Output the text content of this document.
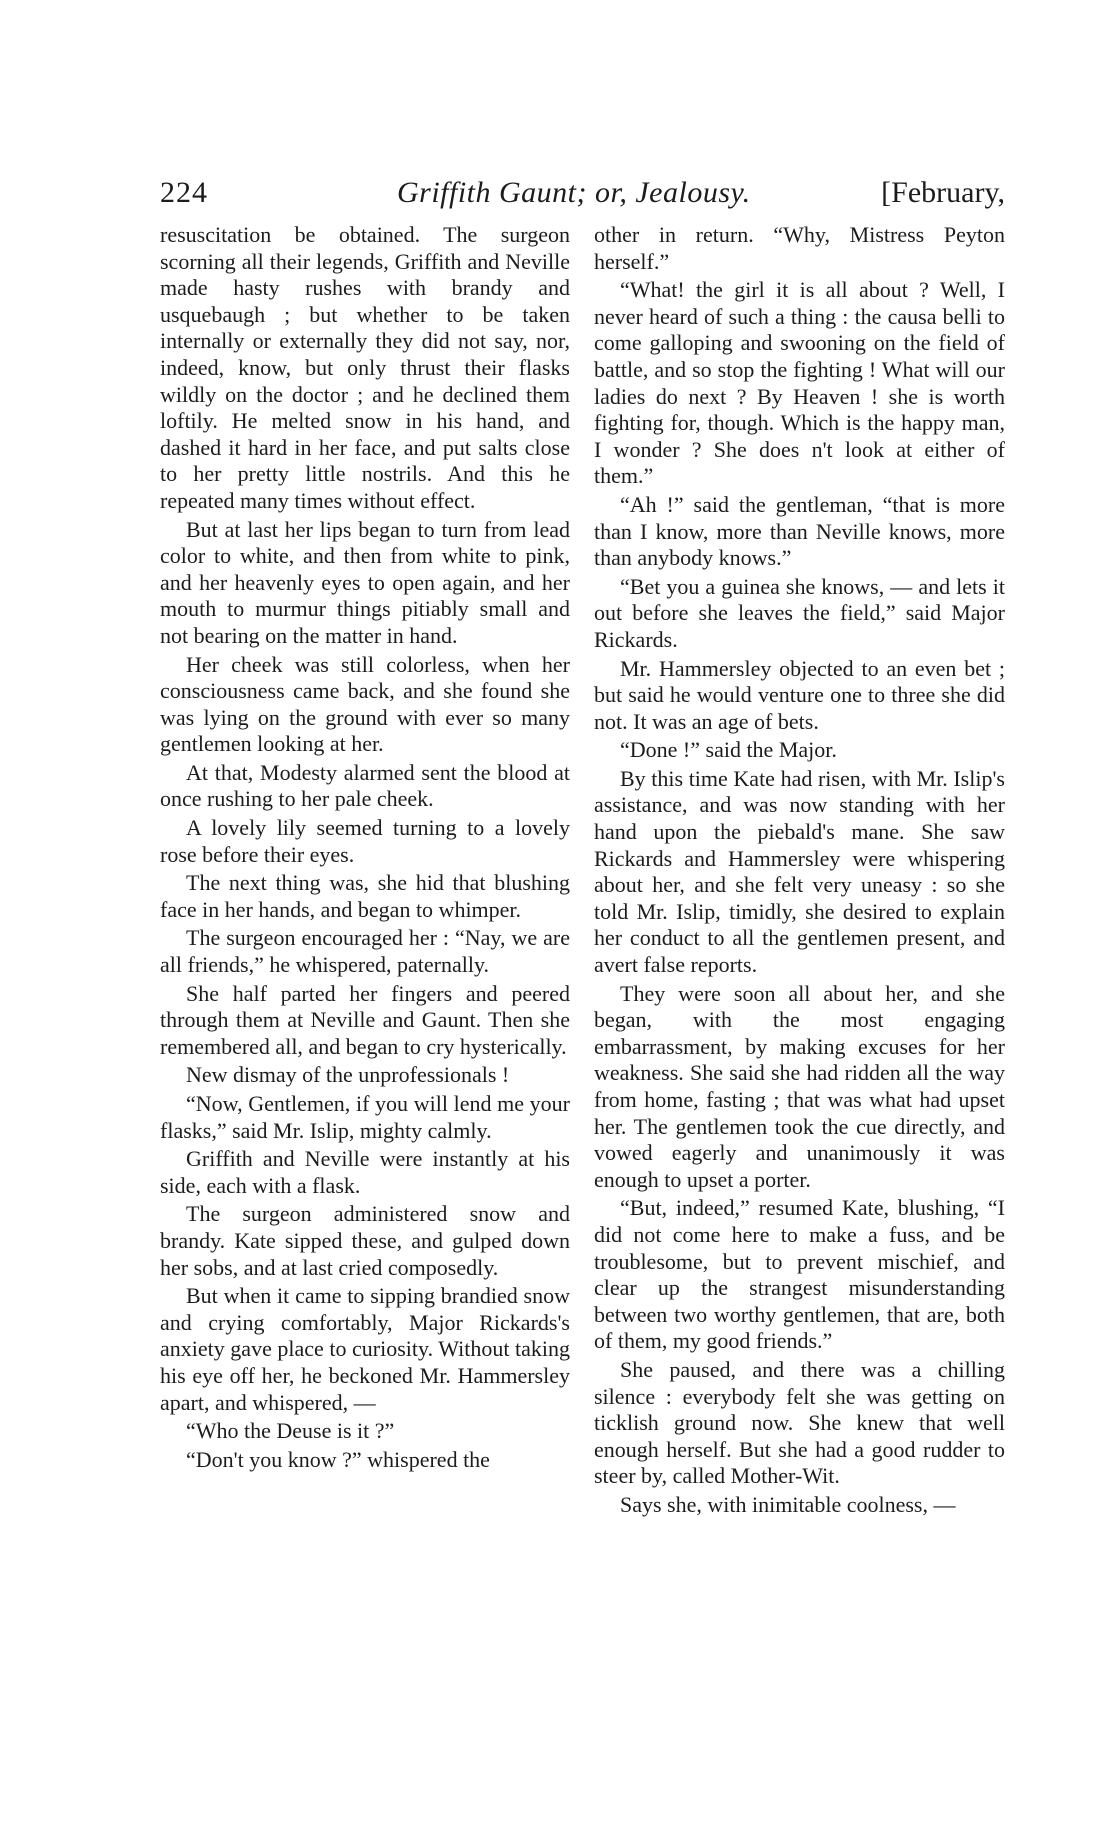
224	Griffith Gaunt; or, Jealousy.	[February,

resuscitation be obtained. The surgeon scorning all their legends, Griffith and Neville made hasty rushes with brandy and usquebaugh ; but whether to be taken internally or externally they did not say, nor, indeed, know, but only thrust their flasks wildly on the doctor ; and he declined them loftily. He melted snow in his hand, and dashed it hard in her face, and put salts close to her pretty little nostrils. And this he repeated many times without effect.

But at last her lips began to turn from lead color to white, and then from white to pink, and her heavenly eyes to open again, and her mouth to murmur things pitiably small and not bearing on the matter in hand.

Her cheek was still colorless, when her consciousness came back, and she found she was lying on the ground with ever so many gentlemen looking at her.

At that, Modesty alarmed sent the blood at once rushing to her pale cheek.

A lovely lily seemed turning to a lovely rose before their eyes.

The next thing was, she hid that blushing face in her hands, and began to whimper.

The surgeon encouraged her : “Nay, we are all friends,” he whispered, paternally.

She half parted her fingers and peered through them at Neville and Gaunt. Then she remembered all, and began to cry hysterically.

New dismay of the unprofessionals !

“Now, Gentlemen, if you will lend me your flasks,” said Mr. Islip, mighty calmly.

Griffith and Neville were instantly at his side, each with a flask.

The surgeon administered snow and brandy. Kate sipped these, and gulped down her sobs, and at last cried composedly.

But when it came to sipping brandied snow and crying comfortably, Major Rickards's anxiety gave place to curiosity. Without taking his eye off her, he beckoned Mr. Hammersley apart, and whispered, —

“Who the Deuse is it ?”

“Don't you know ?” whispered the

other in return. “Why, Mistress Peyton herself.”

“What! the girl it is all about ? Well, I never heard of such a thing : the causa belli to come galloping and swooning on the field of battle, and so stop the fighting ! What will our ladies do next ? By Heaven ! she is worth fighting for, though. Which is the happy man, I wonder ? She does n't look at either of them.”

“Ah !” said the gentleman, “that is more than I know, more than Neville knows, more than anybody knows.”

“Bet you a guinea she knows, — and lets it out before she leaves the field,” said Major Rickards.

Mr. Hammersley objected to an even bet ; but said he would venture one to three she did not. It was an age of bets.

“Done !” said the Major.

By this time Kate had risen, with Mr. Islip's assistance, and was now standing with her hand upon the piebald's mane. She saw Rickards and Hammersley were whispering about her, and she felt very uneasy : so she told Mr. Islip, timidly, she desired to explain her conduct to all the gentlemen present, and avert false reports.

They were soon all about her, and she began, with the most engaging embarrassment, by making excuses for her weakness. She said she had ridden all the way from home, fasting ; that was what had upset her. The gentlemen took the cue directly, and vowed eagerly and unanimously it was enough to upset a porter.

“But, indeed,” resumed Kate, blushing, “I did not come here to make a fuss, and be troublesome, but to prevent mischief, and clear up the strangest misunderstanding between two worthy gentlemen, that are, both of them, my good friends.”

She paused, and there was a chilling silence : everybody felt she was getting on ticklish ground now. She knew that well enough herself. But she had a good rudder to steer by, called Mother-Wit.

Says she, with inimitable coolness, —
